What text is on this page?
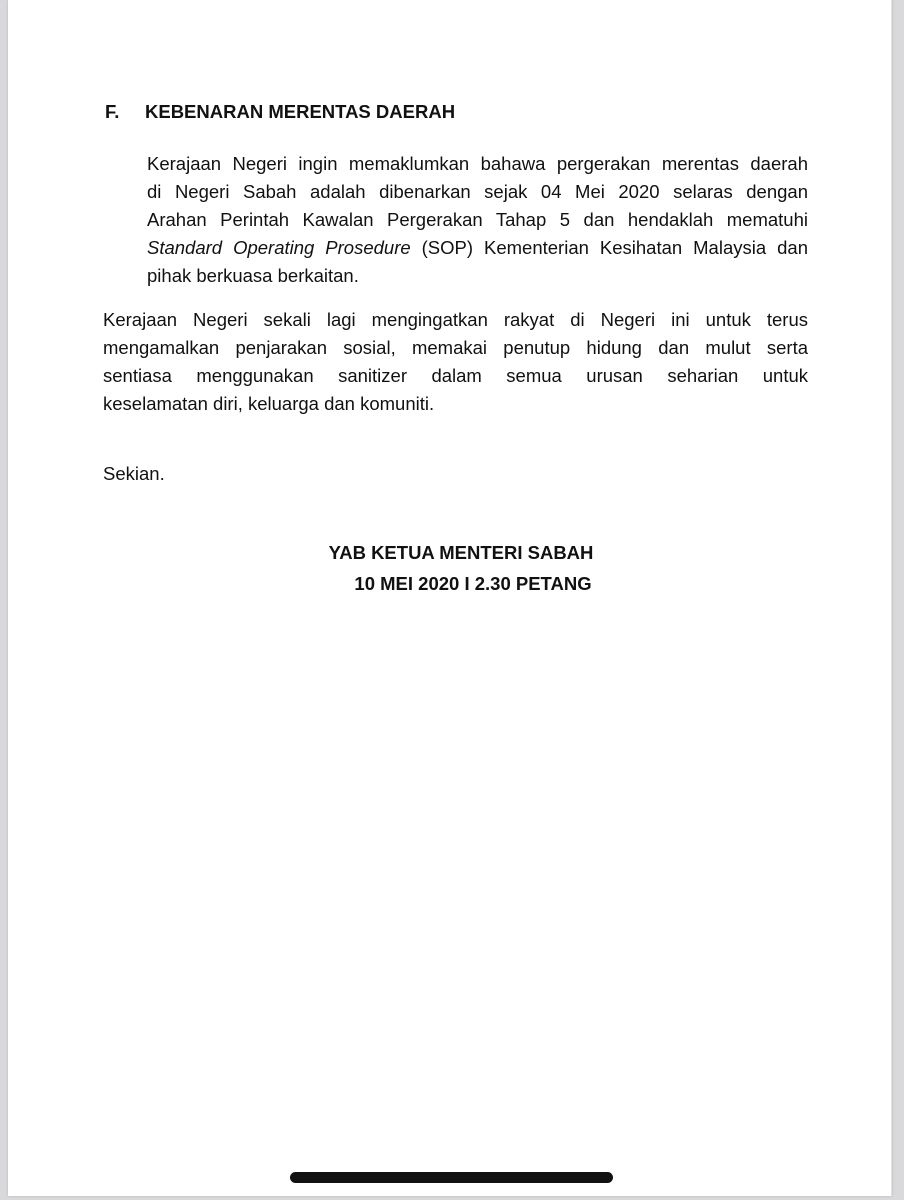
F. KEBENARAN MERENTAS DAERAH
Kerajaan Negeri ingin memaklumkan bahawa pergerakan merentas daerah
di Negeri Sabah adalah dibenarkan sejak 04 Mei 2020 selaras dengan
Arahan Perintah Kawalan Pergerakan Tahap 5 dan hendaklah mematuhi
Standard Operating Prosedure (SOP) Kementerian Kesihatan Malaysia dan
pihak berkuasa berkaitan.
Kerajaan Negeri sekali lagi mengingatkan rakyat di Negeri ini untuk terus
mengamalkan penjarakan sosial, memakai penutup hidung dan mulut serta
sentiasa menggunakan sanitizer dalam semua urusan seharian untuk
keselamatan diri, keluarga dan komuniti.
Sekian.
YAB KETUA MENTERI SABAH
10 MEI 2020 I 2.30 PETANG
